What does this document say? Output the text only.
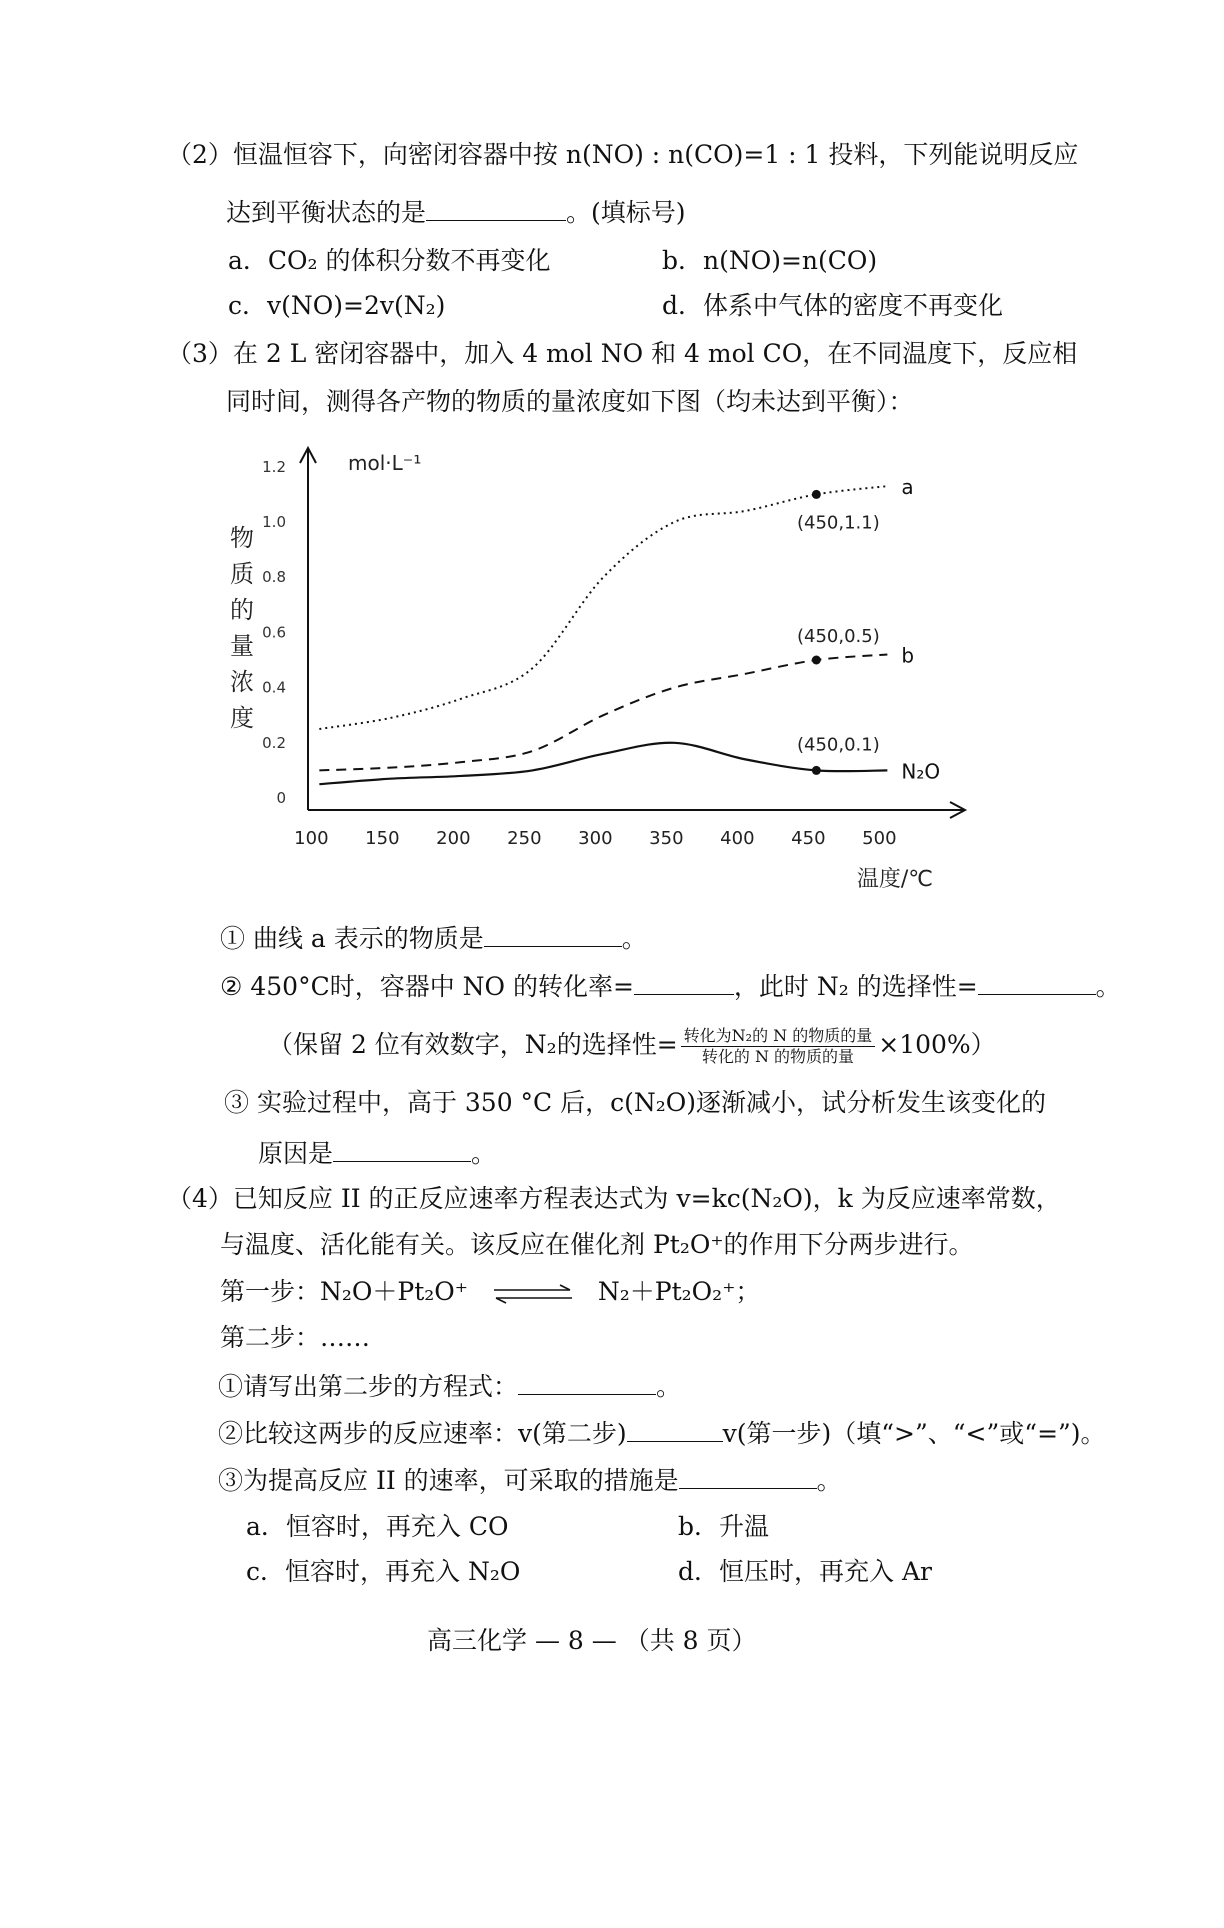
（2）恒温恒容下，向密闭容器中按 n(NO) : n(CO)=1 : 1 投料，下列能说明反应
达到平衡状态的是	。(填标号)
a．CO₂ 的体积分数不再变化	b．n(NO)=n(CO)
c．v(NO)=2v(N₂)	d．体系中气体的密度不再变化
（3）在 2 L 密闭容器中，加入 4 mol NO 和 4 mol CO，在不同温度下，反应相
同时间，测得各产物的物质的量浓度如下图（均未达到平衡）：
100 150 200 250 300 350 400 450 500
0
0.2
0.4
0.6
0.8
1.0
1.2	mol·L⁻¹
物
质
的
量
浓
度
温度/℃
a
b
N₂O
(450,1.1)
(450,0.5)
(450,0.1)
① 曲线 a 表示的物质是	。
② 450°C时，容器中 NO 的转化率=	，此时 N₂ 的选择性=	。
（保留 2 位有效数字，N₂的选择性= $\frac{\text{转化为N₂的 N 的物质的量}}{\text{转化的 N 的物质的量}} \times 100\%$）
③ 实验过程中，高于 350 °C 后，c(N₂O)逐渐减小，试分析发生该变化的
原因是	。
（4）已知反应 II 的正反应速率方程表达式为 v=kc(N₂O)，k 为反应速率常数，
与温度、活化能有关。该反应在催化剂 Pt₂O⁺的作用下分两步进行。
第一步：N₂O＋Pt₂O⁺ ⇌ N₂＋Pt₂O₂⁺；
第二步：……
①请写出第二步的方程式：	。
②比较这两步的反应速率：v(第二步)	v(第一步)（填“>”、“<”或“=”)。
③为提高反应 II 的速率，可采取的措施是	。
a．恒容时，再充入 CO	b．升温
c．恒容时，再充入 N₂O	d．恒压时，再充入 Ar
高三化学 — 8 — （共 8 页）
